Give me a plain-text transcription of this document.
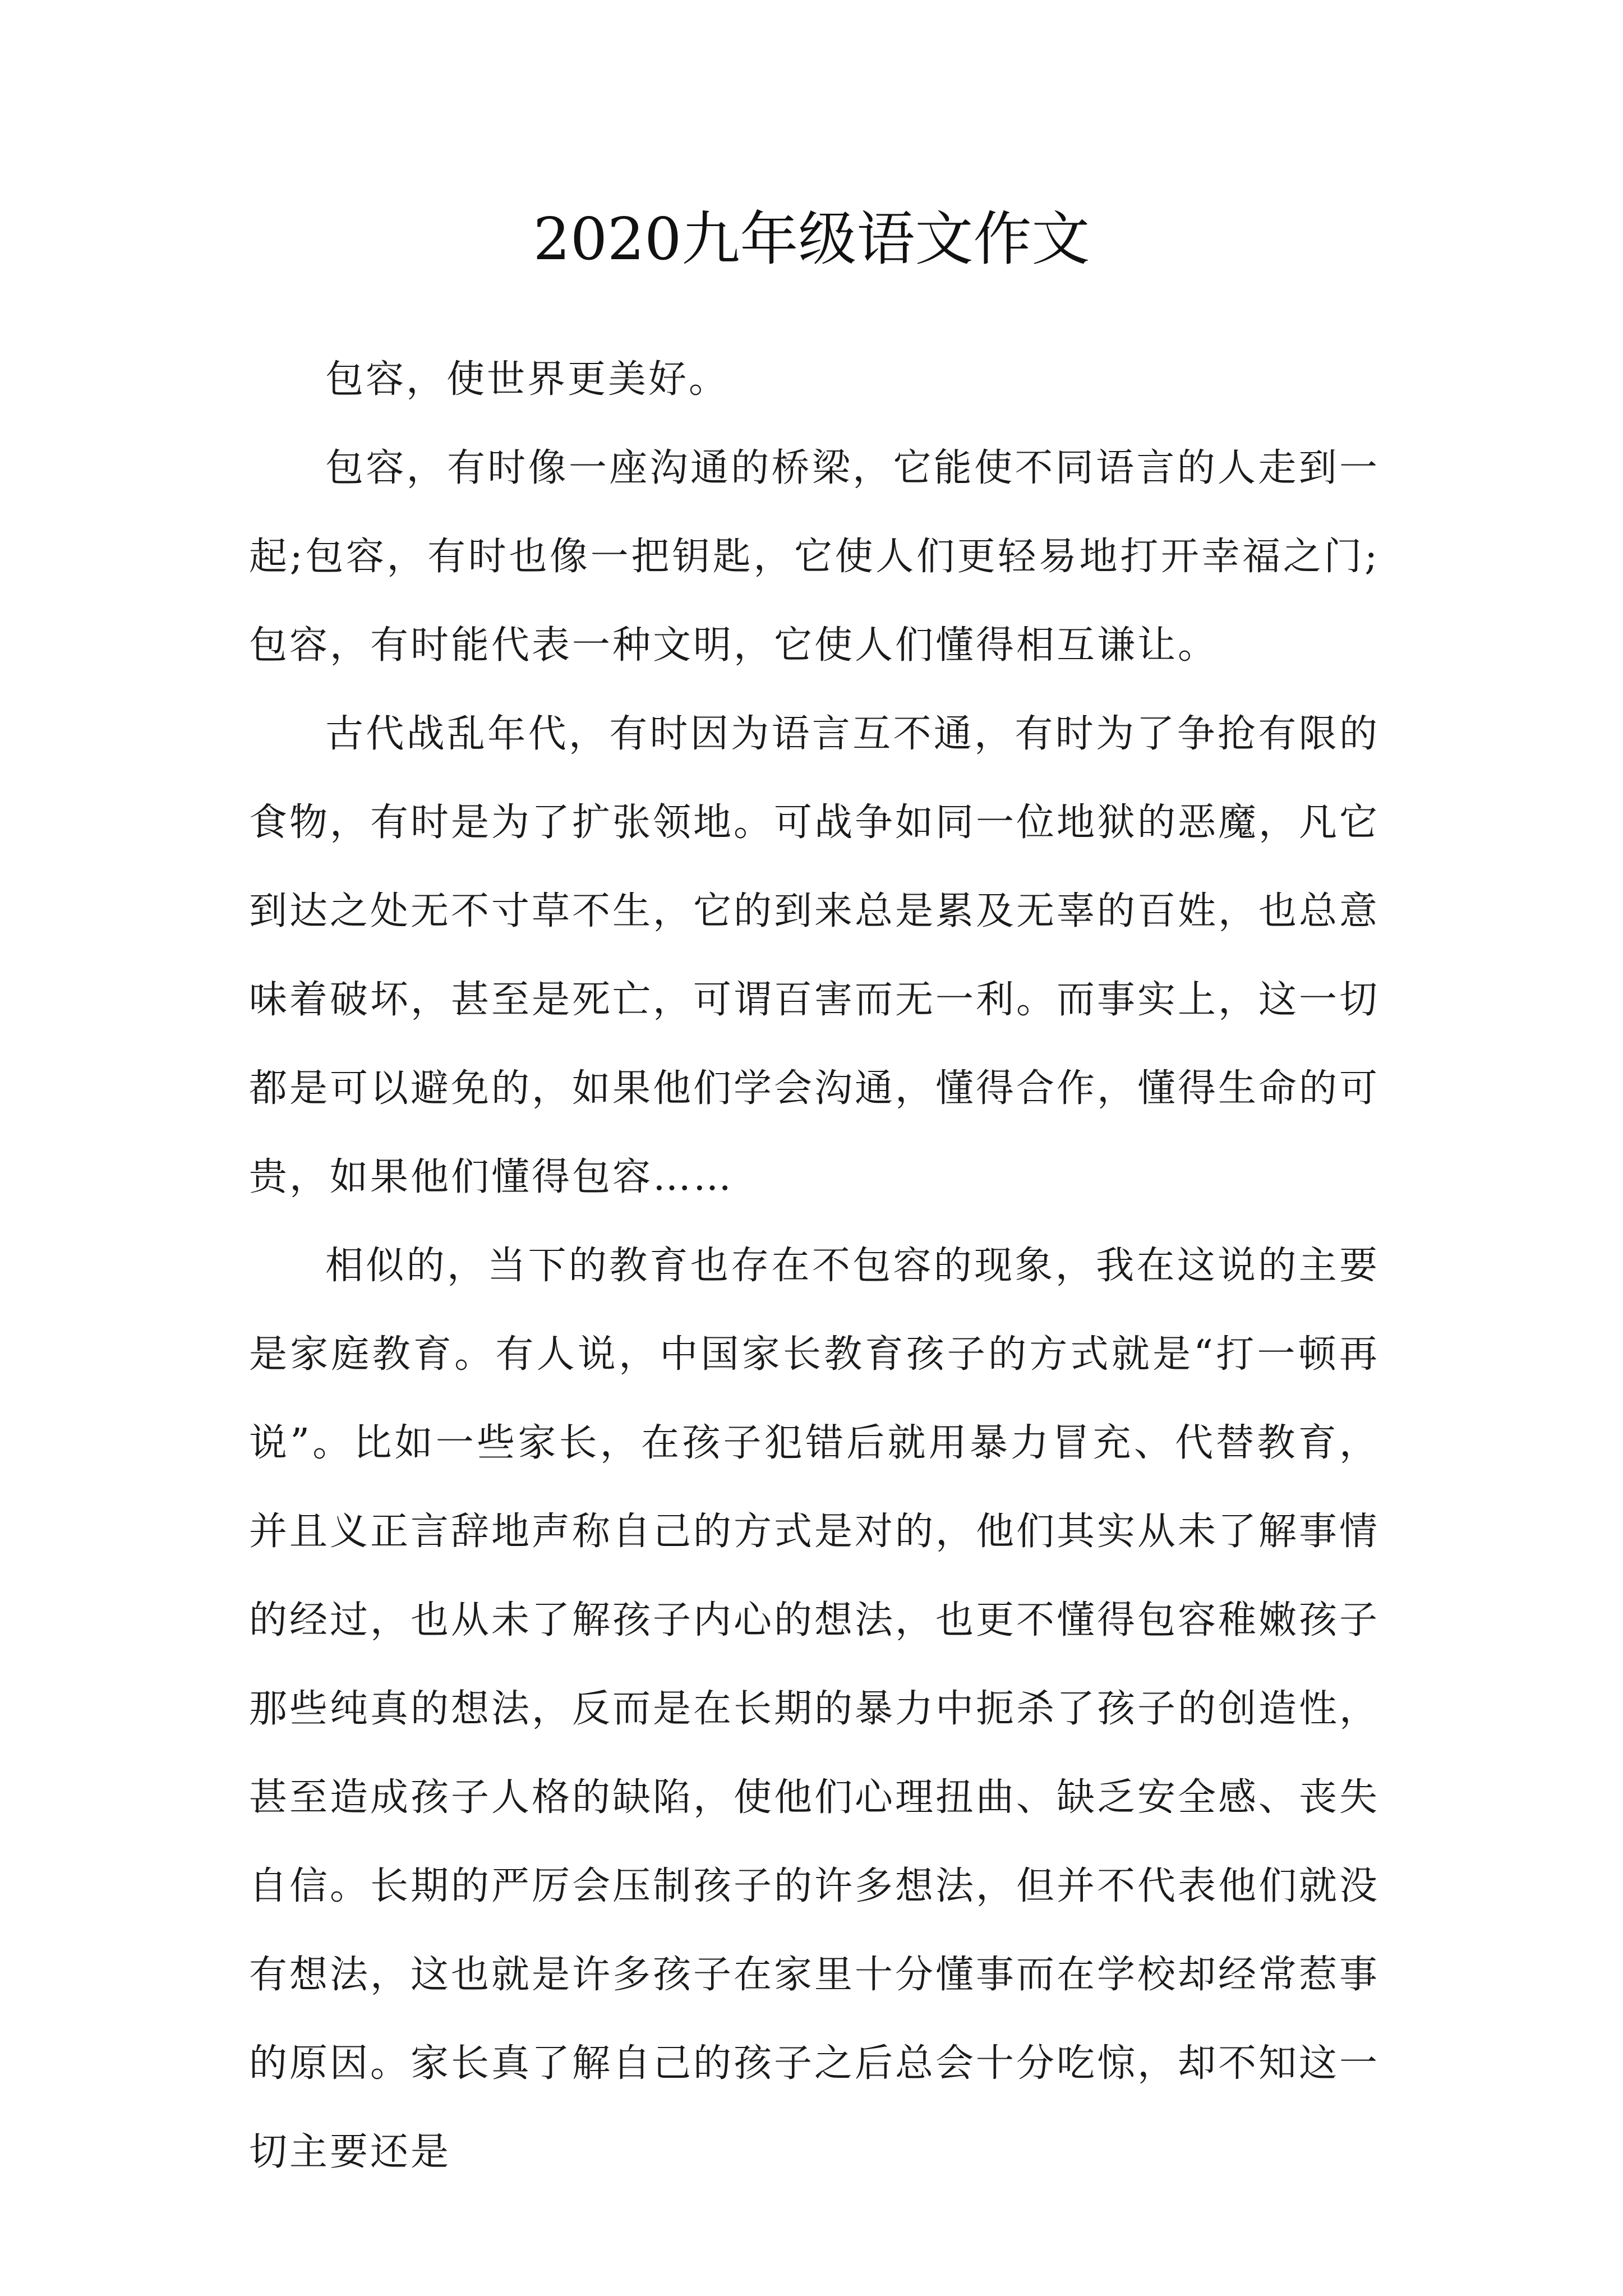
2020九年级语文作文

包容，使世界更美好。

包容，有时像一座沟通的桥梁，它能使不同语言的人走到一起;包容，有时也像一把钥匙，它使人们更轻易地打开幸福之门;包容，有时能代表一种文明，它使人们懂得相互谦让。

古代战乱年代，有时因为语言互不通，有时为了争抢有限的食物，有时是为了扩张领地。可战争如同一位地狱的恶魔，凡它到达之处无不寸草不生，它的到来总是累及无辜的百姓，也总意味着破坏，甚至是死亡，可谓百害而无一利。而事实上，这一切都是可以避免的，如果他们学会沟通，懂得合作，懂得生命的可贵，如果他们懂得包容……

相似的，当下的教育也存在不包容的现象，我在这说的主要是家庭教育。有人说，中国家长教育孩子的方式就是“打一顿再说”。比如一些家长，在孩子犯错后就用暴力冒充、代替教育，并且义正言辞地声称自己的方式是对的，他们其实从未了解事情的经过，也从未了解孩子内心的想法，也更不懂得包容稚嫩孩子那些纯真的想法，反而是在长期的暴力中扼杀了孩子的创造性，甚至造成孩子人格的缺陷，使他们心理扭曲、缺乏安全感、丧失自信。长期的严厉会压制孩子的许多想法，但并不代表他们就没有想法，这也就是许多孩子在家里十分懂事而在学校却经常惹事的原因。家长真了解自己的孩子之后总会十分吃惊，却不知这一切主要还是
